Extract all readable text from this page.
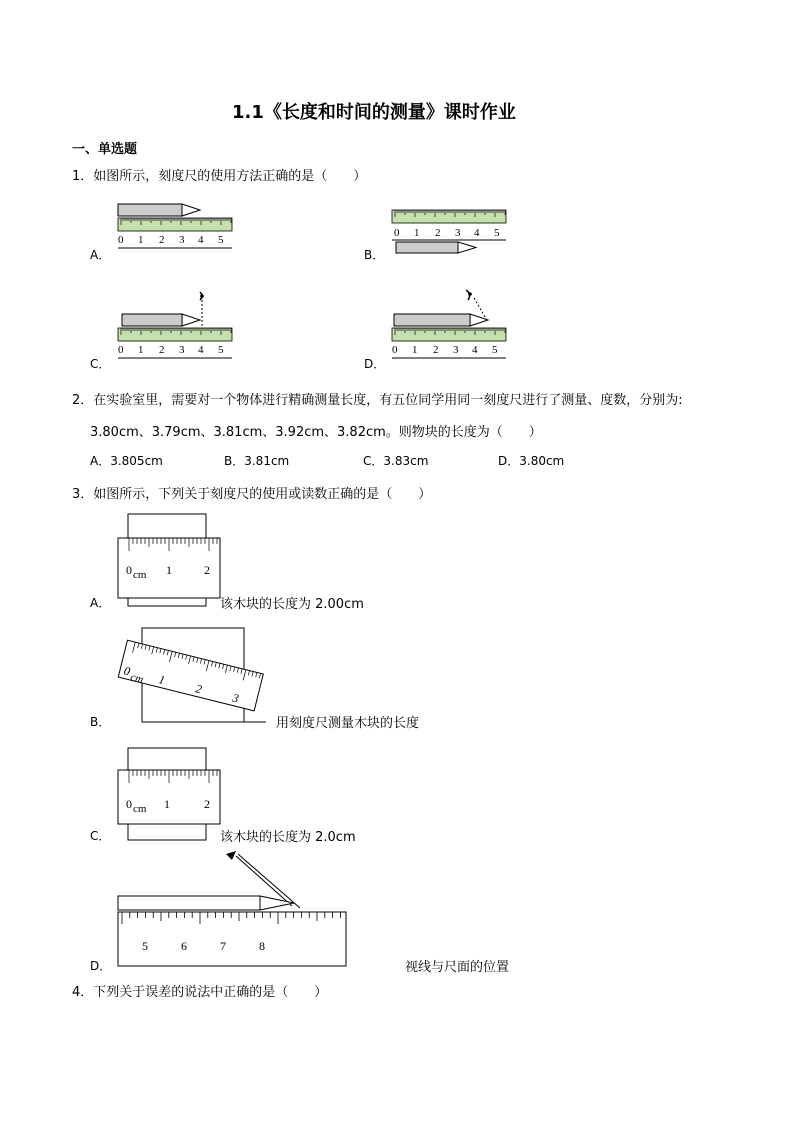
1.1《长度和时间的测量》课时作业
一、单选题
1．如图所示，刻度尺的使用方法正确的是（　　）
0 1 2 3 4 5
A．
0 1 2 3 4 5
B．
0 1 2 3 4 5
C．
0 1 2 3 4 5
D．
2．在实验室里，需要对一个物体进行精确测量长度，有五位同学用同一刻度尺进行了测量、度数，分别为:
3.80cm、3.79cm、3.81cm、3.92cm、3.82cm。则物块的长度为（　　）
A．3.805cm	B．3.81cm	C．3.83cm	D．3.80cm
3．如图所示，下列关于刻度尺的使用或读数正确的是（　　）
0 cm 1	2
A．	该木块的长度为 2.00cm
0
cm 1
2
3
B．	用刻度尺测量木块的长度
0 cm 1	2
C．	该木块的长度为 2.0cm
5	6	7	8
D．	视线与尺面的位置
4．下列关于误差的说法中正确的是（　　）
